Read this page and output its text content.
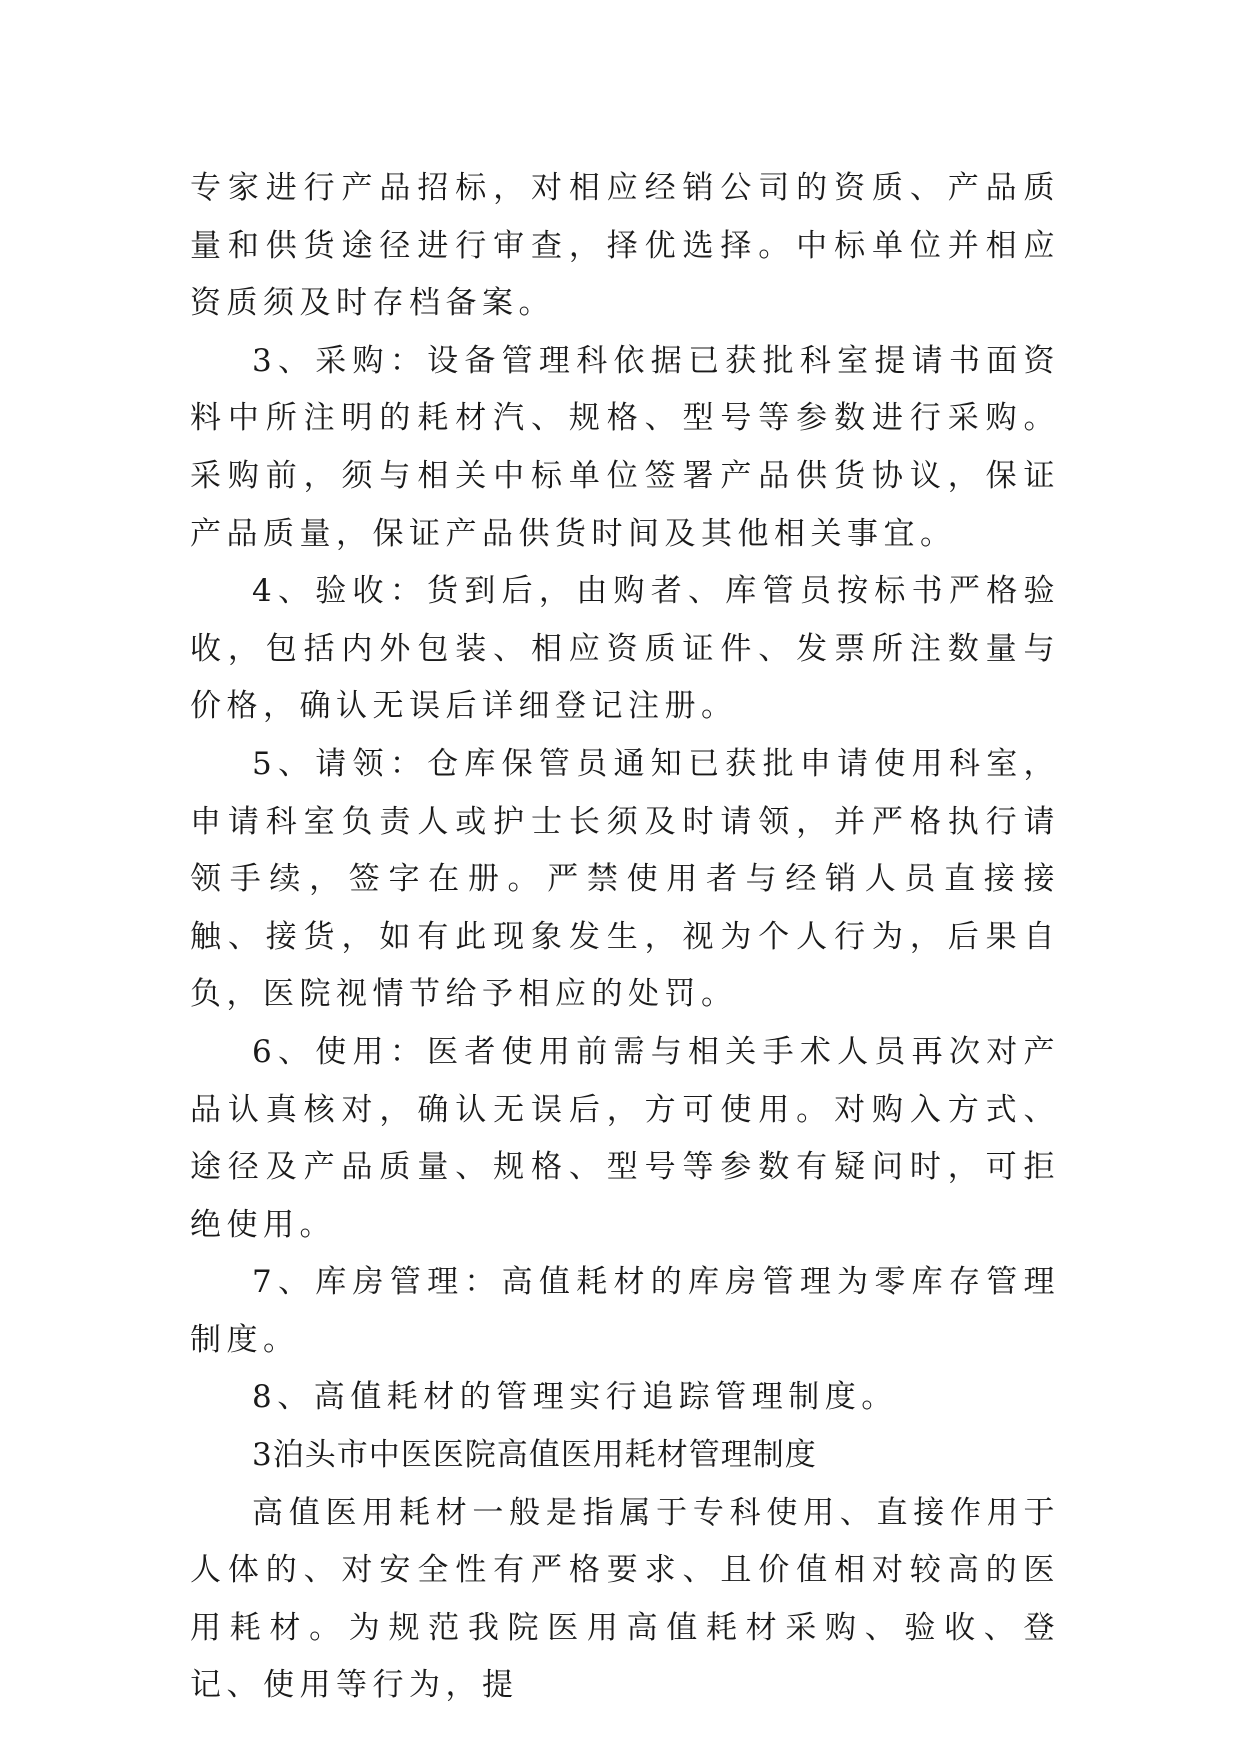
专家进行产品招标，对相应经销公司的资质、产品质量和供货途径进行审查，择优选择。中标单位并相应资质须及时存档备案。

3、采购：设备管理科依据已获批科室提请书面资料中所注明的耗材汽、规格、型号等参数进行采购。采购前，须与相关中标单位签署产品供货协议，保证产品质量，保证产品供货时间及其他相关事宜。

4、验收：货到后，由购者、库管员按标书严格验收，包括内外包装、相应资质证件、发票所注数量与价格，确认无误后详细登记注册。

5、请领：仓库保管员通知已获批申请使用科室，申请科室负责人或护士长须及时请领，并严格执行请领手续，签字在册。严禁使用者与经销人员直接接触、接货，如有此现象发生，视为个人行为，后果自负，医院视情节给予相应的处罚。

6、使用：医者使用前需与相关手术人员再次对产品认真核对，确认无误后，方可使用。对购入方式、途径及产品质量、规格、型号等参数有疑问时，可拒绝使用。

7、库房管理：高值耗材的库房管理为零库存管理制度。

8、高值耗材的管理实行追踪管理制度。

3泊头市中医医院高值医用耗材管理制度

高值医用耗材一般是指属于专科使用、直接作用于人体的、对安全性有严格要求、且价值相对较高的医用耗材。为规范我院医用高值耗材采购、验收、登记、使用等行为，提
